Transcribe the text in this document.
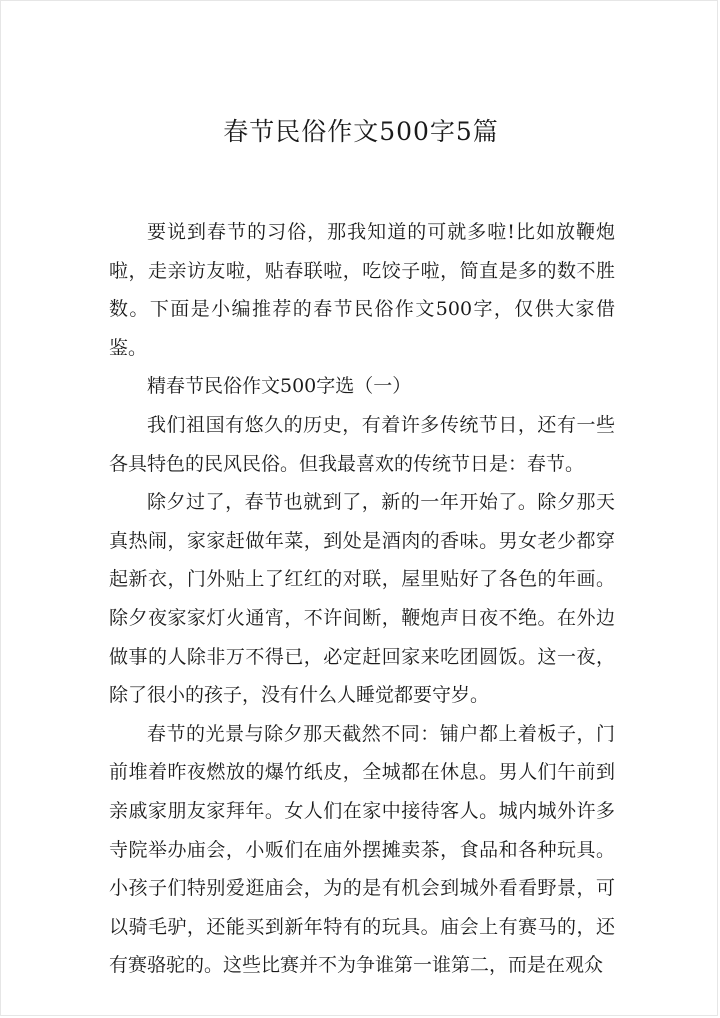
春节民俗作文500字5篇

要说到春节的习俗，那我知道的可就多啦!比如放鞭炮啦，走亲访友啦，贴春联啦，吃饺子啦，简直是多的数不胜数。下面是小编推荐的春节民俗作文500字，仅供大家借鉴。

精春节民俗作文500字选（一）

我们祖国有悠久的历史，有着许多传统节日，还有一些各具特色的民风民俗。但我最喜欢的传统节日是：春节。

除夕过了，春节也就到了，新的一年开始了。除夕那天真热闹，家家赶做年菜，到处是酒肉的香味。男女老少都穿起新衣，门外贴上了红红的对联，屋里贴好了各色的年画。除夕夜家家灯火通宵，不许间断，鞭炮声日夜不绝。在外边做事的人除非万不得已，必定赶回家来吃团圆饭。这一夜，除了很小的孩子，没有什么人睡觉都要守岁。

春节的光景与除夕那天截然不同：铺户都上着板子，门前堆着昨夜燃放的爆竹纸皮，全城都在休息。男人们午前到亲戚家朋友家拜年。女人们在家中接待客人。城内城外许多寺院举办庙会，小贩们在庙外摆摊卖茶，食品和各种玩具。小孩子们特别爱逛庙会，为的是有机会到城外看看野景，可以骑毛驴，还能买到新年特有的玩具。庙会上有赛马的，还有赛骆驼的。这些比赛并不为争谁第一谁第二，而是在观众
